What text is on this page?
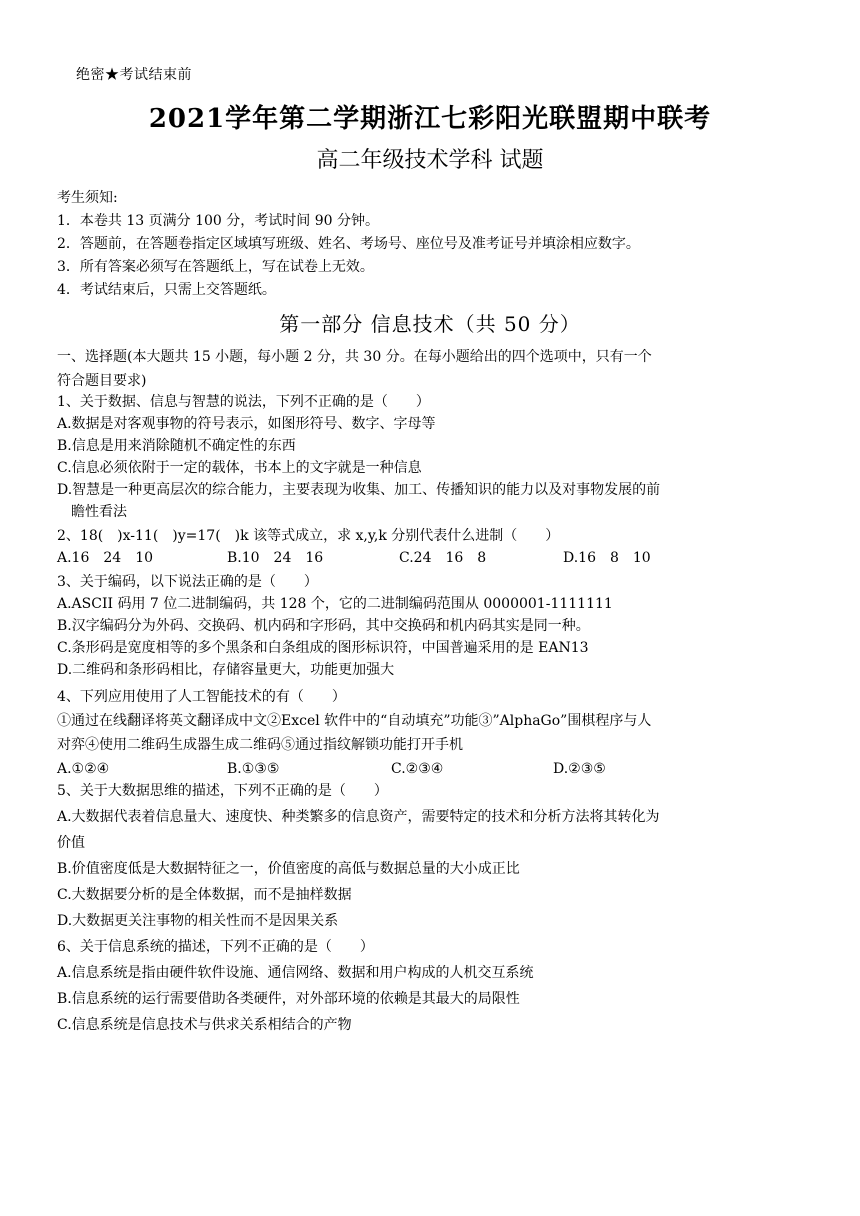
绝密★考试结束前
2021学年第二学期浙江七彩阳光联盟期中联考
高二年级技术学科 试题
考生须知:
1．本卷共 13 页满分 100 分，考试时间 90 分钟。
2．答题前，在答题卷指定区域填写班级、姓名、考场号、座位号及准考证号并填涂相应数字。
3．所有答案必须写在答题纸上，写在试卷上无效。
4．考试结束后，只需上交答题纸。
第一部分 信息技术（共 50 分）
一、选择题(本大题共 15 小题，每小题 2 分，共 30 分。在每小题给出的四个选项中，只有一个
符合题目要求)
1、关于数据、信息与智慧的说法，下列不正确的是（　　）
A.数据是对客观事物的符号表示，如图形符号、数字、字母等
B.信息是用来消除随机不确定性的东西
C.信息必须依附于一定的载体，书本上的文字就是一种信息
D.智慧是一种更高层次的综合能力，主要表现为收集、加工、传播知识的能力以及对事物发展的前
瞻性看法
2、18(　)x-11(　)y=17(　)k 该等式成立，求 x,y,k 分别代表什么进制（　　）
A.16　24　10	B.10　24　16	C.24　16　8	D.16　8　10
3、关于编码，以下说法正确的是（　　）
A.ASCII 码用 7 位二进制编码，共 128 个，它的二进制编码范围从 0000001-1111111
B.汉字编码分为外码、交换码、机内码和字形码，其中交换码和机内码其实是同一种。
C.条形码是宽度相等的多个黑条和白条组成的图形标识符，中国普遍采用的是 EAN13
D.二维码和条形码相比，存储容量更大，功能更加强大
4、下列应用使用了人工智能技术的有（　　）
①通过在线翻译将英文翻译成中文②Excel 软件中的“自动填充”功能③”AlphaGo”围棋程序与人
对弈④使用二维码生成器生成二维码⑤通过指纹解锁功能打开手机
A.①②④	B.①③⑤	C.②③④	D.②③⑤
5、关于大数据思维的描述，下列不正确的是（　　）
A.大数据代表着信息量大、速度快、种类繁多的信息资产，需要特定的技术和分析方法将其转化为
价值
B.价值密度低是大数据特征之一，价值密度的高低与数据总量的大小成正比
C.大数据要分析的是全体数据，而不是抽样数据
D.大数据更关注事物的相关性而不是因果关系
6、关于信息系统的描述，下列不正确的是（　　）
A.信息系统是指由硬件软件设施、通信网络、数据和用户构成的人机交互系统
B.信息系统的运行需要借助各类硬件，对外部环境的依赖是其最大的局限性
C.信息系统是信息技术与供求关系相结合的产物
